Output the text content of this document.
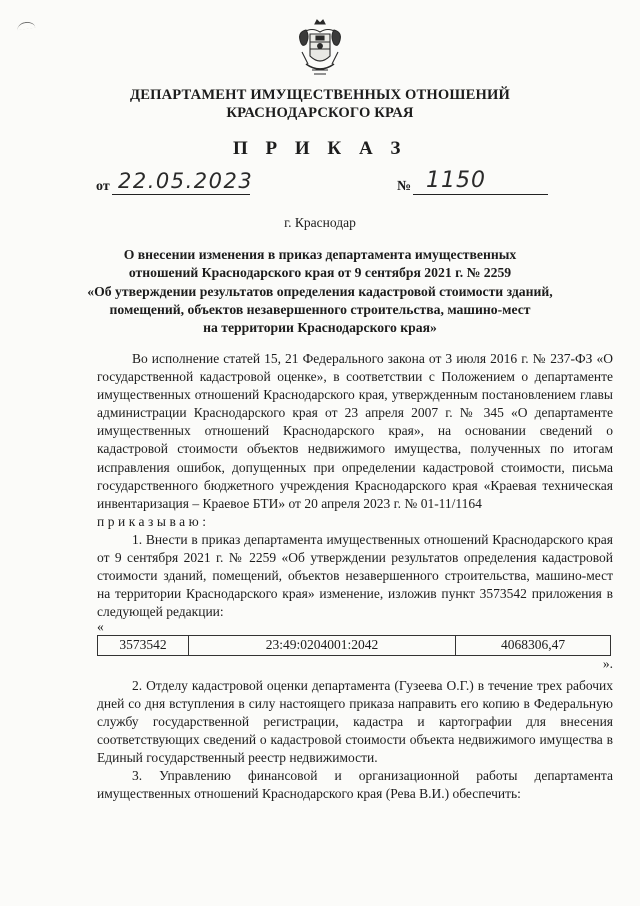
ДЕПАРТАМЕНТ ИМУЩЕСТВЕННЫХ ОТНОШЕНИЙ
КРАСНОДАРСКОГО КРАЯ
П Р И К А З
от 22.05.2023	№ 1150
г. Краснодар
О внесении изменения в приказ департамента имущественных
отношений Краснодарского края от 9 сентября 2021 г. № 2259
«Об утверждении результатов определения кадастровой стоимости зданий,
помещений, объектов незавершенного строительства, машино-мест
на территории Краснодарского края»

Во исполнение статей 15, 21 Федерального закона от 3 июля 2016 г. № 237-ФЗ «О государственной кадастровой оценке», в соответствии с Положением о департаменте имущественных отношений Краснодарского края, утвержденным постановлением главы администрации Краснодарского края от 23 апреля 2007 г. № 345 «О департаменте имущественных отношений Краснодарского края», на основании сведений о кадастровой стоимости объектов недвижимого имущества, полученных по итогам исправления ошибок, допущенных при определении кадастровой стоимости, письма государственного бюджетного учреждения Краснодарского края «Краевая техническая инвентаризация – Краевое БТИ» от 20 апреля 2023 г. № 01-11/1164

приказываю:

1. Внести в приказ департамента имущественных отношений Краснодарского края от 9 сентября 2021 г. № 2259 «Об утверждении результатов определения кадастровой стоимости зданий, помещений, объектов незавершенного строительства, машино-мест на территории Краснодарского края» изменение, изложив пункт 3573542 приложения в следующей редакции:

«

3573542	23:49:0204001:2042	4068306,47

».

2. Отделу кадастровой оценки департамента (Гузеева О.Г.) в течение трех рабочих дней со дня вступления в силу настоящего приказа направить его копию в Федеральную службу государственной регистрации, кадастра и картографии для внесения соответствующих сведений о кадастровой стоимости объекта недвижимого имущества в Единый государственный реестр недвижимости.

3. Управлению финансовой и организационной работы департамента имущественных отношений Краснодарского края (Рева В.И.) обеспечить:
